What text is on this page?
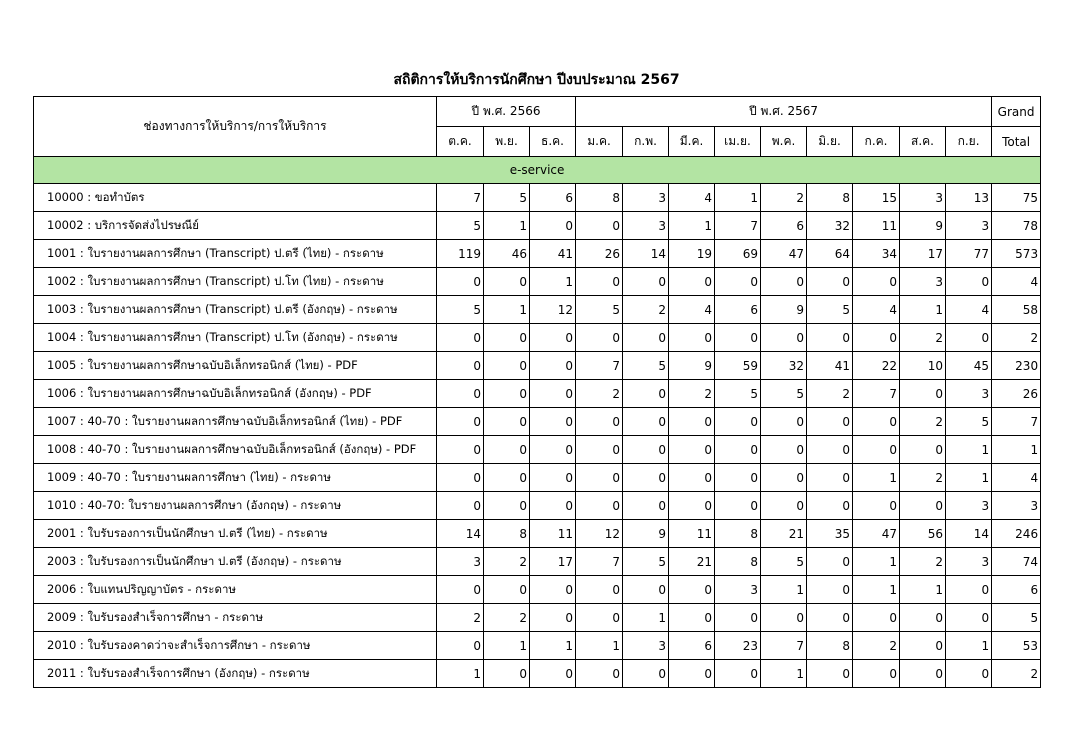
สถิติการให้บริการนักศึกษา ปีงบประมาณ 2567
ช่องทางการให้บริการ/การให้บริการ	ปี พ.ศ. 2566			ปี พ.ศ. 2567									Grand
	ต.ค.	พ.ย.	ธ.ค.	ม.ค.	ก.พ.	มี.ค.	เม.ย.	พ.ค.	มิ.ย.	ก.ค.	ส.ค.	ก.ย.	Total
e-service													
10000 : ขอทำบัตร	7	5	6	8	3	4	1	2	8	15	3	13	75
10002 : บริการจัดส่งไปรษณีย์	5	1	0	0	3	1	7	6	32	11	9	3	78
1001 : ใบรายงานผลการศึกษา (Transcript) ป.ตรี (ไทย) - กระดาษ	119	46	41	26	14	19	69	47	64	34	17	77	573
1002 : ใบรายงานผลการศึกษา (Transcript) ป.โท (ไทย) - กระดาษ	0	0	1	0	0	0	0	0	0	0	3	0	4
1003 : ใบรายงานผลการศึกษา (Transcript) ป.ตรี (อังกฤษ) - กระดาษ	5	1	12	5	2	4	6	9	5	4	1	4	58
1004 : ใบรายงานผลการศึกษา (Transcript) ป.โท (อังกฤษ) - กระดาษ	0	0	0	0	0	0	0	0	0	0	2	0	2
1005 : ใบรายงานผลการศึกษาฉบับอิเล็กทรอนิกส์ (ไทย) - PDF	0	0	0	7	5	9	59	32	41	22	10	45	230
1006 : ใบรายงานผลการศึกษาฉบับอิเล็กทรอนิกส์ (อังกฤษ) - PDF	0	0	0	2	0	2	5	5	2	7	0	3	26
1007 : 40-70 : ใบรายงานผลการศึกษาฉบับอิเล็กทรอนิกส์ (ไทย) - PDF	0	0	0	0	0	0	0	0	0	0	2	5	7
1008 : 40-70 : ใบรายงานผลการศึกษาฉบับอิเล็กทรอนิกส์ (อังกฤษ) - PDF	0	0	0	0	0	0	0	0	0	0	0	1	1
1009 : 40-70 : ใบรายงานผลการศึกษา (ไทย) - กระดาษ	0	0	0	0	0	0	0	0	0	1	2	1	4
1010 : 40-70: ใบรายงานผลการศึกษา (อังกฤษ) - กระดาษ	0	0	0	0	0	0	0	0	0	0	0	3	3
2001 : ใบรับรองการเป็นนักศึกษา ป.ตรี (ไทย) - กระดาษ	14	8	11	12	9	11	8	21	35	47	56	14	246
2003 : ใบรับรองการเป็นนักศึกษา ป.ตรี (อังกฤษ) - กระดาษ	3	2	17	7	5	21	8	5	0	1	2	3	74
2006 : ใบแทนปริญญาบัตร - กระดาษ	0	0	0	0	0	0	3	1	0	1	1	0	6
2009 : ใบรับรองสำเร็จการศึกษา - กระดาษ	2	2	0	0	1	0	0	0	0	0	0	0	5
2010 : ใบรับรองคาดว่าจะสำเร็จการศึกษา - กระดาษ	0	1	1	1	3	6	23	7	8	2	0	1	53
2011 : ใบรับรองสำเร็จการศึกษา (อังกฤษ) - กระดาษ	1	0	0	0	0	0	0	1	0	0	0	0	2
